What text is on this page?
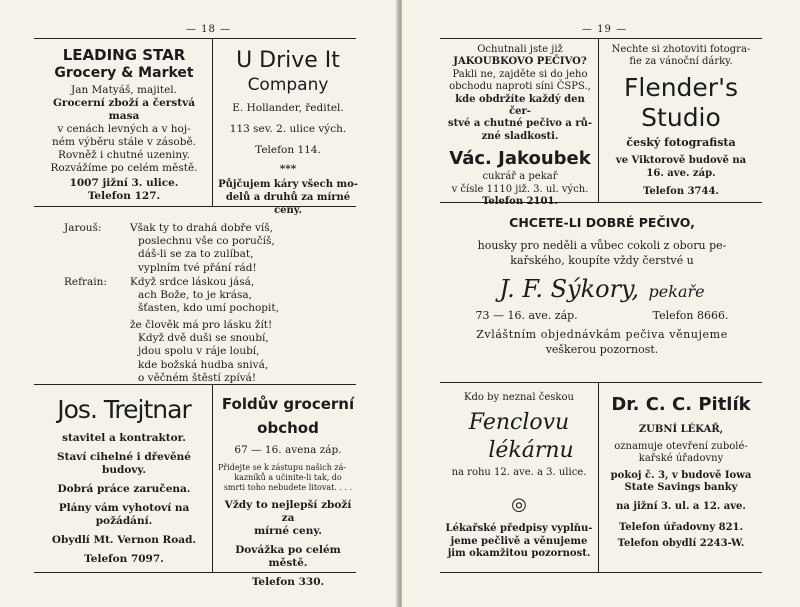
— 18 —
LEADING STAR
Grocery & Market
Jan Matyáš, majitel.
Grocerní zboží a čerstvá
masa
v cenách levných a v hoj-
ném výběru stále v zásobě.
Rovněž i chutné uzeniny.
Rozvážíme po celém městě.
1007 jižní 3. ulice.
Telefon 127.
U Drive It
Company
E. Hollander, ředitel.
113 sev. 2. ulice vých.
Telefon 114.
***
Půjčujem káry všech mo-
delů a druhů za mírné ceny.
Jarouš:	Však ty to drahá dobře víš,
poslechnu vše co poručíš,
dáš-li se za to zulíbat,
vyplním tvé přání rád!
Refrain: Když srdce láskou jásá,
ach Bože, to je krása,
šťasten, kdo umí pochopit,
že člověk má pro lásku žít!
Když dvě duši se snoubí,
jdou spolu v ráje loubí,
kde božská hudba snivá,
o věčném štěstí zpívá!
Jos. Trejtnar
stavitel a kontraktor.
Staví cihelné i dřevěné
budovy.
Dobrá práce zaručena.
Plány vám vyhotoví na
požádání.
Obydlí Mt. Vernon Road.
Telefon 7097.
Foldův grocerní
obchod
67 — 16. avena záp.
Přidejte se k zástupu našich zá-
kazníků a učinite-li tak, do
smrti toho nebudete litovat. . . .
Vždy to nejlepší zboží za
mírné ceny.
Dovážka po celém městě.
Telefon 330.
— 19 —
Ochutnali jste již
JAKOUBKOVO PEČIVO?
Pakli ne, zajděte si do jeho
obchodu naproti síni ČSPS.,
kde obdržíte každý den čer-
stvé a chutné pečivo a rů-
zné sladkosti.
Vác. Jakoubek
cukrář a pekař
v čísle 1110 již. 3. ul. vých.
Telefon 2101.
Nechte si zhotoviti fotogra-
fie za vánoční dárky.
Flender's
Studio
český fotografista
ve Viktorově budově na
16. ave. záp.
Telefon 3744.
CHCETE-LI DOBRÉ PEČIVO,
housky pro neděli a vůbec cokoli z oboru pe-
kařského, koupíte vždy čerstvé u
J. F. Sýkory, pekaře
73 — 16. ave. záp.	Telefon 8666.
Zvláštním objednávkám pečiva věnujeme
veškerou pozornost.
Kdo by neznal českou
Fenclovu
lékárnu
na rohu 12. ave. a 3. ulice.
◎
Lékařské předpisy vyplňu-
jeme pečlivě a věnujeme
jim okamžitou pozornost.
Dr. C. C. Pitlík
ZUBNÍ LÉKAŘ,
oznamuje otevření zubolé-
kařské úřadovny
pokoj č. 3, v budově Iowa
State Savings banky
na jižní 3. ul. a 12. ave.
Telefon úřadovny 821.
Telefon obydlí 2243-W.
